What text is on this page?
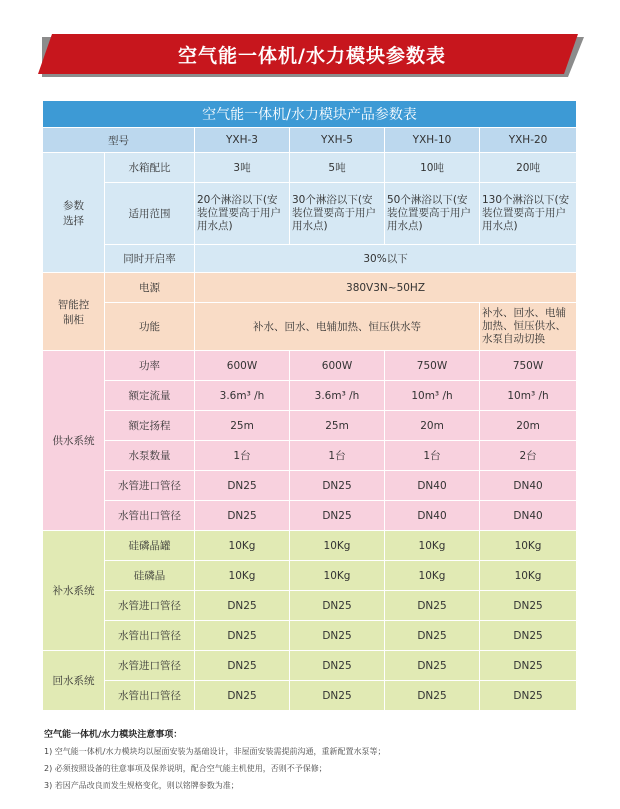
空气能一体机/水力模块参数表
空气能一体机/水力模块产品参数表					
型号		YXH-3	YXH-5	YXH-10	YXH-20
参数
选择	水箱配比	3吨	5吨	10吨	20吨
	适用范围	20个淋浴以下(安装位置要高于用户用水点)	30个淋浴以下(安装位置要高于用户用水点)	50个淋浴以下(安装位置要高于用户用水点)	130个淋浴以下(安装位置要高于用户用水点)
	同时开启率	30%以下			
智能控
制柜	电源	380V3N~50HZ			
	功能	补水、回水、电辅加热、恒压供水等			补水、回水、电辅加热、恒压供水、水泵自动切换
供水系统	功率	600W	600W	750W	750W
	额定流量	3.6m³ /h	3.6m³ /h	10m³ /h	10m³ /h
	额定扬程	25m	25m	20m	20m
	水泵数量	1台	1台	1台	2台
	水管进口管径	DN25	DN25	DN40	DN40
	水管出口管径	DN25	DN25	DN40	DN40
补水系统	硅磷晶罐	10Kg	10Kg	10Kg	10Kg
	硅磷晶	10Kg	10Kg	10Kg	10Kg
	水管进口管径	DN25	DN25	DN25	DN25
	水管出口管径	DN25	DN25	DN25	DN25
回水系统	水管进口管径	DN25	DN25	DN25	DN25
	水管出口管径	DN25	DN25	DN25	DN25
空气能一体机/水力模块注意事项：
1) 空气能一体机/水力模块均以屋面安装为基础设计，非屋面安装需提前沟通，重新配置水泵等；
2) 必须按照设备的往意事项及保养说明，配合空气能主机使用，否则不予保修；
3) 若因产品改良而发生规格变化，则以铭牌参数为准；
